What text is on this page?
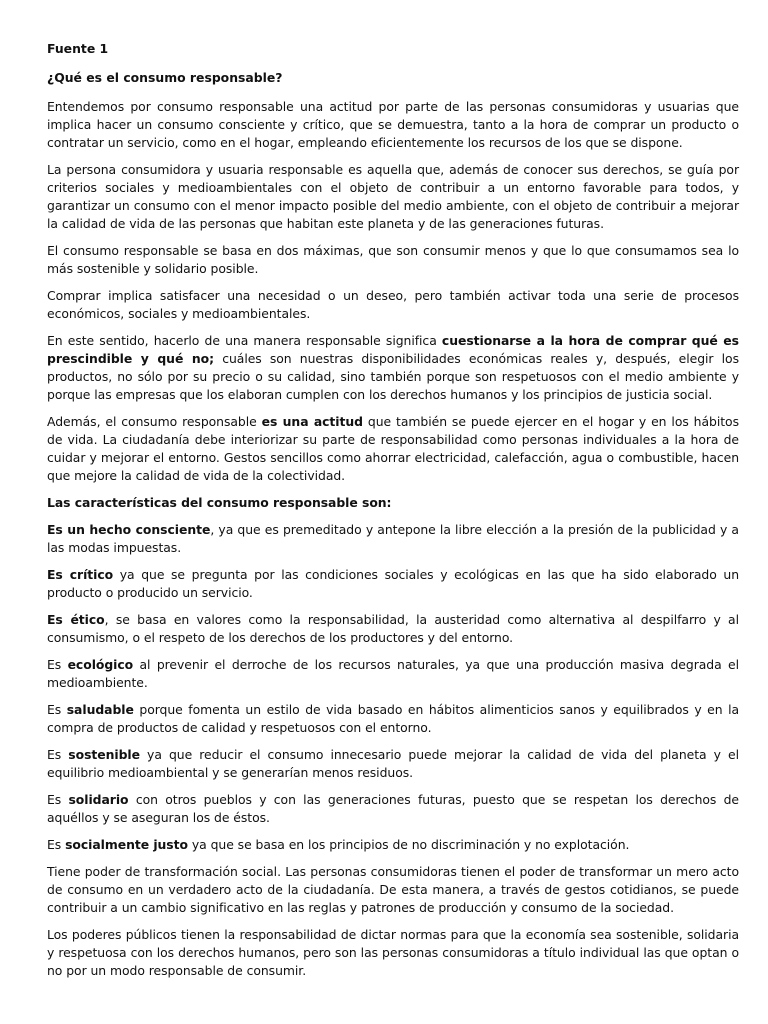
Fuente 1
¿Qué es el consumo responsable?

Entendemos por consumo responsable una actitud por parte de las personas consumidoras y usuarias que implica hacer un consumo consciente y crítico, que se demuestra, tanto a la hora de comprar un producto o contratar un servicio, como en el hogar, empleando eficientemente los recursos de los que se dispone.

La persona consumidora y usuaria responsable es aquella que, además de conocer sus derechos, se guía por criterios sociales y medioambientales con el objeto de contribuir a un entorno favorable para todos, y garantizar un consumo con el menor impacto posible del medio ambiente, con el objeto de contribuir a mejorar la calidad de vida de las personas que habitan este planeta y de las generaciones futuras.

El consumo responsable se basa en dos máximas, que son consumir menos y que lo que consumamos sea lo más sostenible y solidario posible.

Comprar implica satisfacer una necesidad o un deseo, pero también activar toda una serie de procesos económicos, sociales y medioambientales.

En este sentido, hacerlo de una manera responsable significa cuestionarse a la hora de comprar qué es prescindible y qué no; cuáles son nuestras disponibilidades económicas reales y, después, elegir los productos, no sólo por su precio o su calidad, sino también porque son respetuosos con el medio ambiente y porque las empresas que los elaboran cumplen con los derechos humanos y los principios de justicia social.

Además, el consumo responsable es una actitud que también se puede ejercer en el hogar y en los hábitos de vida. La ciudadanía debe interiorizar su parte de responsabilidad como personas individuales a la hora de cuidar y mejorar el entorno. Gestos sencillos como ahorrar electricidad, calefacción, agua o combustible, hacen que mejore la calidad de vida de la colectividad.

Las características del consumo responsable son:

Es un hecho consciente, ya que es premeditado y antepone la libre elección a la presión de la publicidad y a las modas impuestas.

Es crítico ya que se pregunta por las condiciones sociales y ecológicas en las que ha sido elaborado un producto o producido un servicio.

Es ético, se basa en valores como la responsabilidad, la austeridad como alternativa al despilfarro y al consumismo, o el respeto de los derechos de los productores y del entorno.

Es ecológico al prevenir el derroche de los recursos naturales, ya que una producción masiva degrada el medioambiente.

Es saludable porque fomenta un estilo de vida basado en hábitos alimenticios sanos y equilibrados y en la compra de productos de calidad y respetuosos con el entorno.

Es sostenible ya que reducir el consumo innecesario puede mejorar la calidad de vida del planeta y el equilibrio medioambiental y se generarían menos residuos.

Es solidario con otros pueblos y con las generaciones futuras, puesto que se respetan los derechos de aquéllos y se aseguran los de éstos.

Es socialmente justo ya que se basa en los principios de no discriminación y no explotación.

Tiene poder de transformación social. Las personas consumidoras tienen el poder de transformar un mero acto de consumo en un verdadero acto de la ciudadanía. De esta manera, a través de gestos cotidianos, se puede contribuir a un cambio significativo en las reglas y patrones de producción y consumo de la sociedad.

Los poderes públicos tienen la responsabilidad de dictar normas para que la economía sea sostenible, solidaria y respetuosa con los derechos humanos, pero son las personas consumidoras a título individual las que optan o no por un modo responsable de consumir.
